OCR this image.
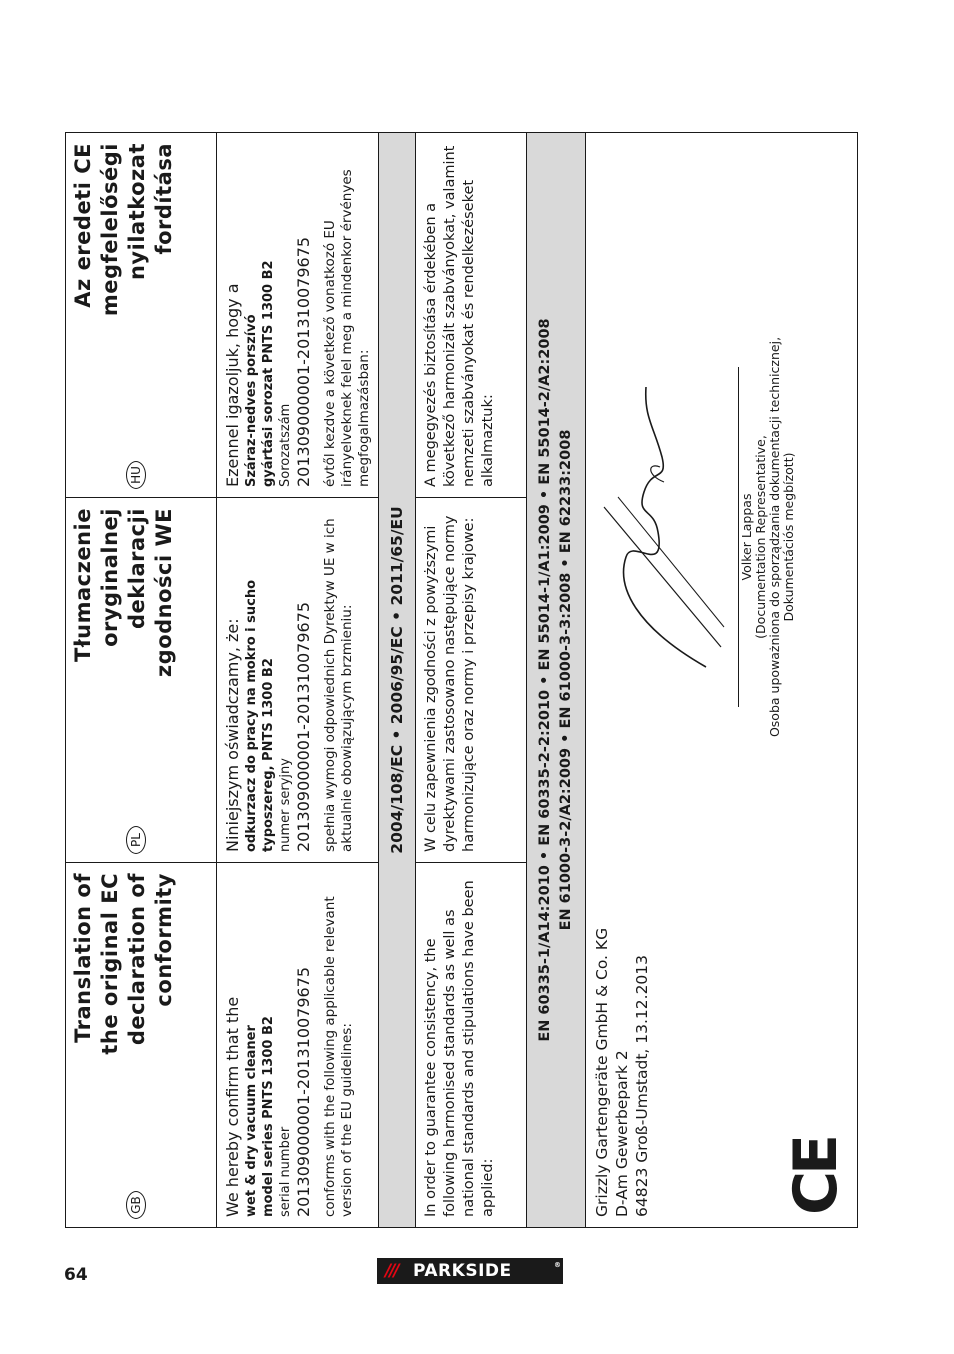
GB
Translation of the original EC declaration of conformity
We hereby confirm that the wet & dry vacuum cleaner model series PNTS 1300 B2 serial number 201309000001-201310079675 conforms with the following applicable relevant version of the EU guidelines:
PL
Tłumaczenie oryginalnej deklaracji zgodności WE
Niniejszym oświadczamy, że: odkurzacz do pracy na mokro i sucho typoszereg, PNTS 1300 B2 numer seryjny 201309000001-201310079675 spełnia wymogi odpowiednich Dyrektyw UE w ich aktualnie obowiązującym brzmieniu:
HU
Az eredeti CE megfelelőségi nyilatkozat fordítása
Ezennel igazoljuk, hogy a Száraz-nedves porszívó gyártási sorozat PNTS 1300 B2 Sorozatszám 201309000001-201310079675 évtől kezdve a következő vonatkozó EU irányelveknek felel meg a mindenkor érvényes megfogalmazásban:
2004/108/EC • 2006/95/EC • 2011/65/EU
In order to guarantee consistency, the following harmonised standards as well as national standards and stipulations have been applied:
W celu zapewnienia zgodności z powyższymi dyrektywami zastosowano następujące normy harmonizujące oraz normy i przepisy krajowe:
A megegyezés biztosítása érdekében a következő harmonizált szabványokat, valamint nemzeti szabványokat és rendelkezéseket alkalmaztuk:	EN 60335-1/A14:2010 • EN 60335-2-2:2010 • EN 55014-1/A1:2009 • EN 55014-2/A2:2008 EN 61000-3-2/A2:2009 • EN 61000-3-3:2008 • EN 62233:2008
Grizzly Gartengeräte GmbH & Co. KG D-Am Gewerbepark 2 64823 Groß-Umstadt, 13.12.2013 CE
Volker Lappas (Documentation Representative, Osoba upoważniona do sporządzania dokumentacji technicznej, Dokumentációs megbízott)
64	/// PARKSIDE	®
